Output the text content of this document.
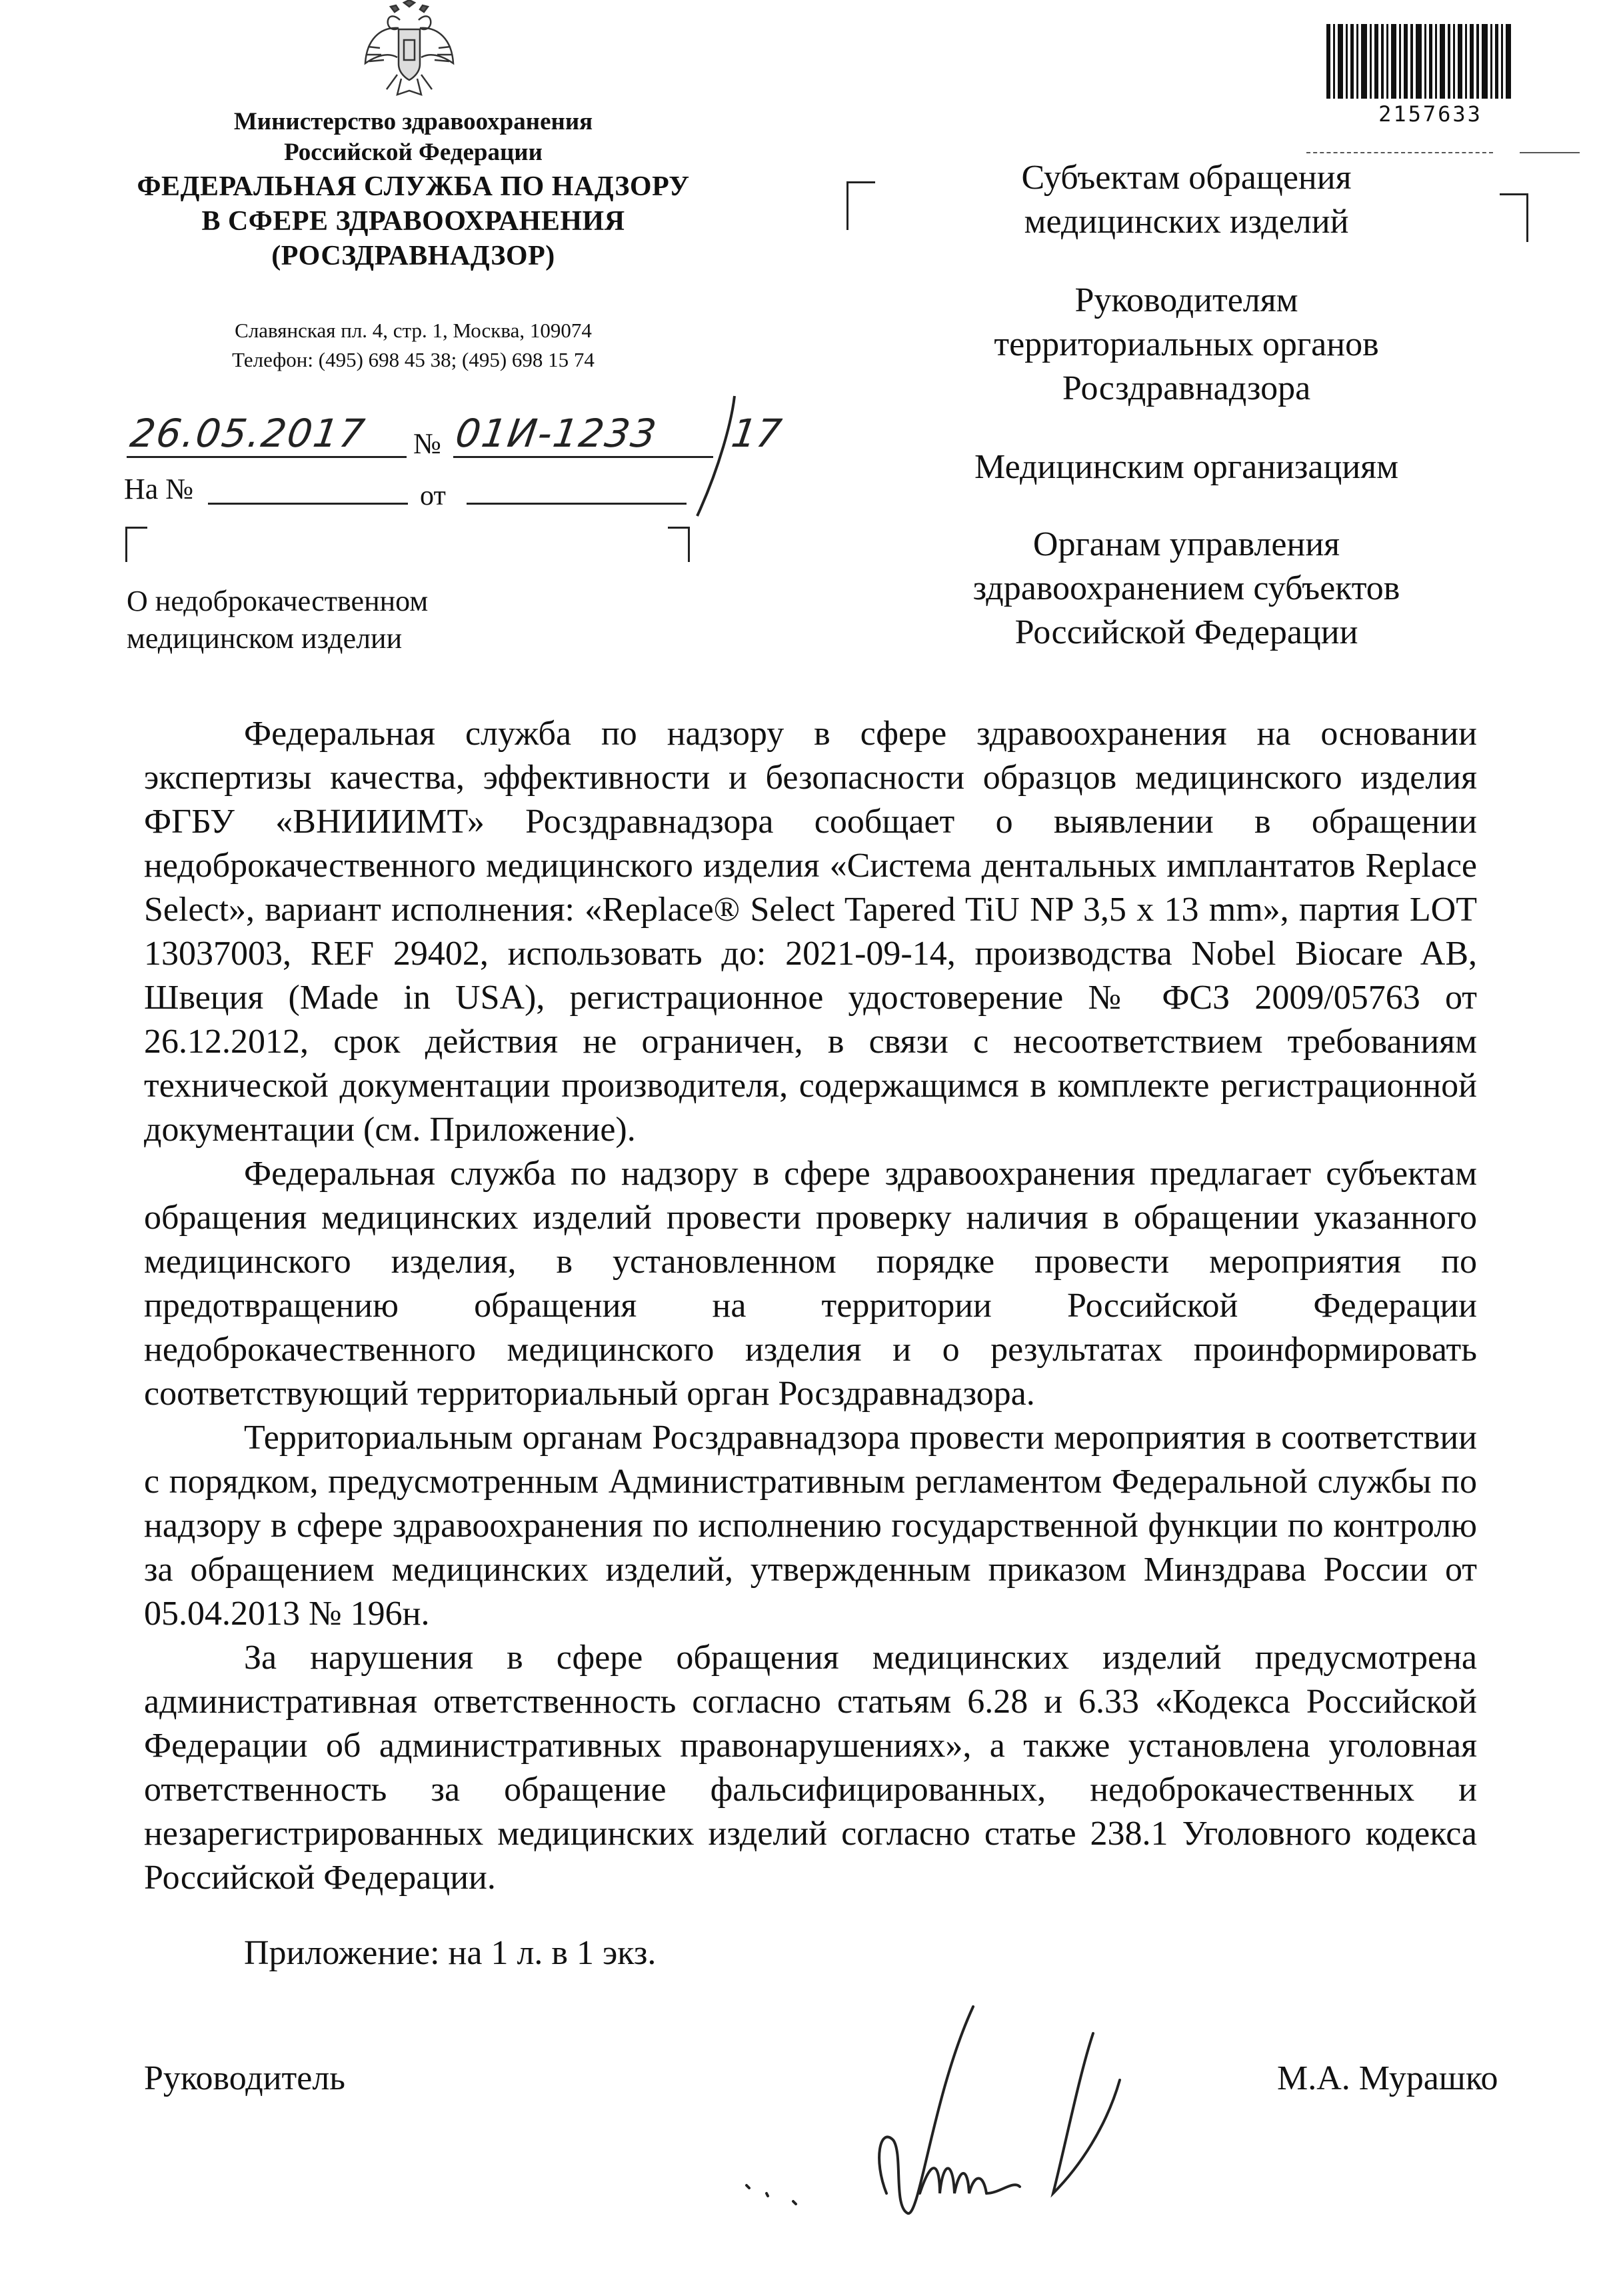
Министерство здравоохранения
Российской Федерации
ФЕДЕРАЛЬНАЯ СЛУЖБА ПО НАДЗОРУ
В СФЕРЕ ЗДРАВООХРАНЕНИЯ
(РОСЗДРАВНАДЗОР)
Славянская пл. 4, стр. 1, Москва, 109074
Телефон: (495) 698 45 38; (495) 698 15 74
26.05.2017 № 01И-1233 17
На №	от
О недоброкачественном
медицинском изделии
2157633
Субъектам обращения
медицинских изделий
Руководителям
территориальных органов
Росздравнадзора
Медицинским организациям
Органам управления
здравоохранением субъектов
Российской Федерации

Федеральная служба по надзору в сфере здравоохранения на основании экспертизы качества, эффективности и безопасности образцов медицинского изделия ФГБУ «ВНИИИМТ» Росздравнадзора сообщает о выявлении в обращении недоброкачественного медицинского изделия «Система дентальных имплантатов Replace Select», вариант исполнения: «Replace® Select Tapered TiU NP 3,5 x 13 mm», партия LOT 13037003, REF 29402, использовать до: 2021-09-14, производства Nobel Biocare AB, Швеция (Made in USA), регистрационное удостоверение № ФСЗ 2009/05763 от 26.12.2012, срок действия не ограничен, в связи с несоответствием требованиям технической документации производителя, содержащимся в комплекте регистрационной документации (см. Приложение).

Федеральная служба по надзору в сфере здравоохранения предлагает субъектам обращения медицинских изделий провести проверку наличия в обращении указанного медицинского изделия, в установленном порядке провести мероприятия по предотвращению обращения на территории Российской Федерации недоброкачественного медицинского изделия и о результатах проинформировать соответствующий территориальный орган Росздравнадзора.

Территориальным органам Росздравнадзора провести мероприятия в соответствии с порядком, предусмотренным Административным регламентом Федеральной службы по надзору в сфере здравоохранения по исполнению государственной функции по контролю за обращением медицинских изделий, утвержденным приказом Минздрава России от 05.04.2013 № 196н.

За нарушения в сфере обращения медицинских изделий предусмотрена административная ответственность согласно статьям 6.28 и 6.33 «Кодекса Российской Федерации об административных правонарушениях», а также установлена уголовная ответственность за обращение фальсифицированных, недоброкачественных и незарегистрированных медицинских изделий согласно статье 238.1 Уголовного кодекса Российской Федерации.

Приложение: на 1 л. в 1 экз.
Руководитель	М.А. Мурашко
